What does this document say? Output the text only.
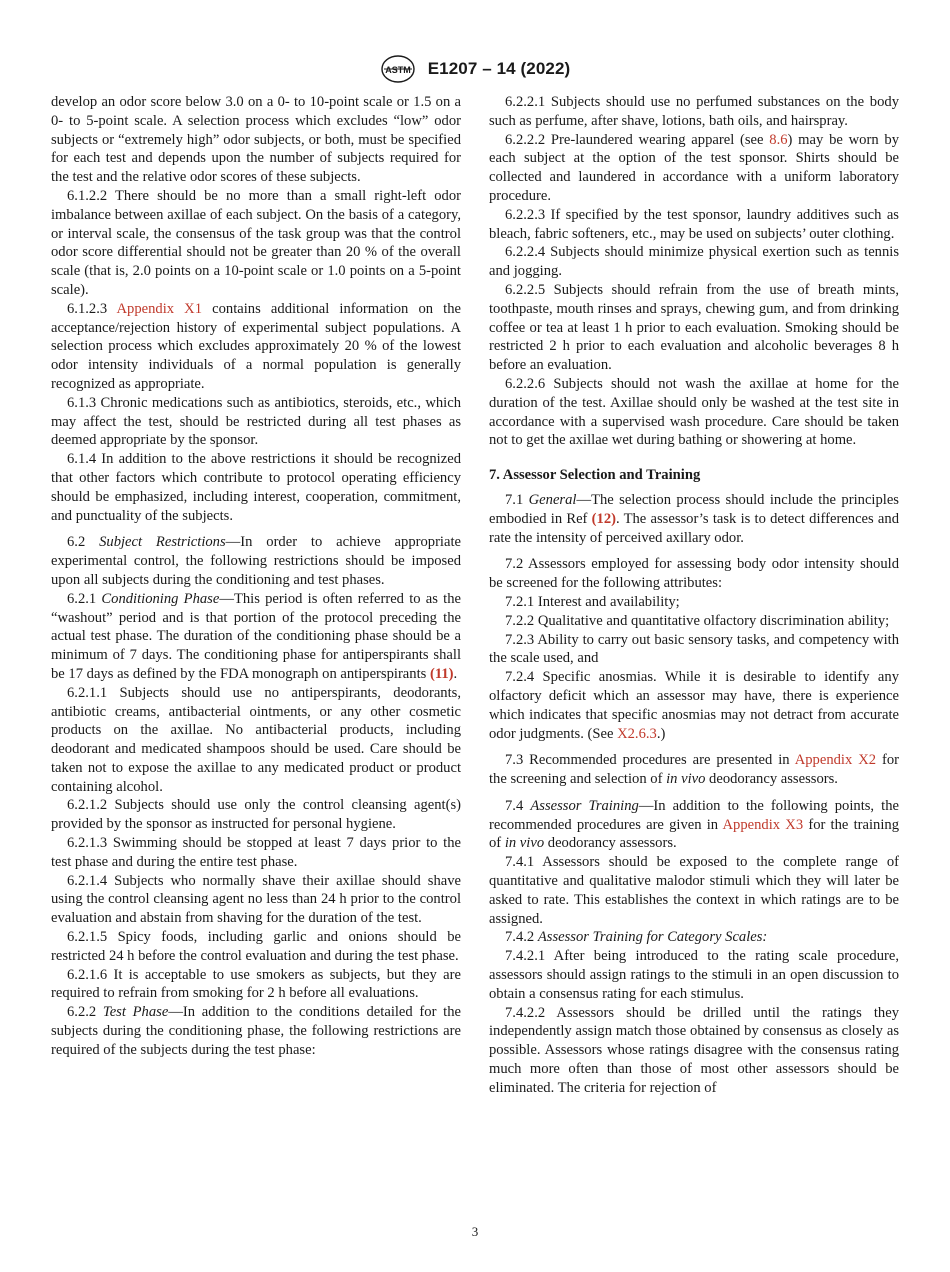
ASTM E1207 – 14 (2022)

develop an odor score below 3.0 on a 0- to 10-point scale or 1.5 on a 0- to 5-point scale. A selection process which excludes “low” odor subjects or “extremely high” odor subjects, or both, must be specified for each test and depends upon the number of subjects required for the test and the relative odor scores of these subjects.

6.1.2.2 There should be no more than a small right-left odor imbalance between axillae of each subject. On the basis of a category, or interval scale, the consensus of the task group was that the control odor score differential should not be greater than 20 % of the overall scale (that is, 2.0 points on a 10-point scale or 1.0 points on a 5-point scale).

6.1.2.3 Appendix X1 contains additional information on the acceptance/rejection history of experimental subject populations. A selection process which excludes approximately 20 % of the lowest odor intensity individuals of a normal population is generally recognized as appropriate.

6.1.3 Chronic medications such as antibiotics, steroids, etc., which may affect the test, should be restricted during all test phases as deemed appropriate by the sponsor.

6.1.4 In addition to the above restrictions it should be recognized that other factors which contribute to protocol operating efficiency should be emphasized, including interest, cooperation, commitment, and punctuality of the subjects.

6.2 Subject Restrictions—In order to achieve appropriate experimental control, the following restrictions should be imposed upon all subjects during the conditioning and test phases.

6.2.1 Conditioning Phase—This period is often referred to as the “washout” period and is that portion of the protocol preceding the actual test phase. The duration of the conditioning phase should be a minimum of 7 days. The conditioning phase for antiperspirants shall be 17 days as defined by the FDA monograph on antiperspirants (11).

6.2.1.1 Subjects should use no antiperspirants, deodorants, antibiotic creams, antibacterial ointments, or any other cosmetic products on the axillae. No antibacterial products, including deodorant and medicated shampoos should be used. Care should be taken not to expose the axillae to any medicated product or product containing alcohol.

6.2.1.2 Subjects should use only the control cleansing agent(s) provided by the sponsor as instructed for personal hygiene.

6.2.1.3 Swimming should be stopped at least 7 days prior to the test phase and during the entire test phase.

6.2.1.4 Subjects who normally shave their axillae should shave using the control cleansing agent no less than 24 h prior to the control evaluation and abstain from shaving for the duration of the test.

6.2.1.5 Spicy foods, including garlic and onions should be restricted 24 h before the control evaluation and during the test phase.

6.2.1.6 It is acceptable to use smokers as subjects, but they are required to refrain from smoking for 2 h before all evaluations.

6.2.2 Test Phase—In addition to the conditions detailed for the subjects during the conditioning phase, the following restrictions are required of the subjects during the test phase:

6.2.2.1 Subjects should use no perfumed substances on the body such as perfume, after shave, lotions, bath oils, and hairspray.

6.2.2.2 Pre-laundered wearing apparel (see 8.6) may be worn by each subject at the option of the test sponsor. Shirts should be collected and laundered in accordance with a uniform laboratory procedure.

6.2.2.3 If specified by the test sponsor, laundry additives such as bleach, fabric softeners, etc., may be used on subjects’ outer clothing.

6.2.2.4 Subjects should minimize physical exertion such as tennis and jogging.

6.2.2.5 Subjects should refrain from the use of breath mints, toothpaste, mouth rinses and sprays, chewing gum, and from drinking coffee or tea at least 1 h prior to each evaluation. Smoking should be restricted 2 h prior to each evaluation and alcoholic beverages 8 h before an evaluation.

6.2.2.6 Subjects should not wash the axillae at home for the duration of the test. Axillae should only be washed at the test site in accordance with a supervised wash procedure. Care should be taken not to get the axillae wet during bathing or showering at home.

7. Assessor Selection and Training

7.1 General—The selection process should include the principles embodied in Ref (12). The assessor’s task is to detect differences and rate the intensity of perceived axillary odor.

7.2 Assessors employed for assessing body odor intensity should be screened for the following attributes:

7.2.1 Interest and availability;

7.2.2 Qualitative and quantitative olfactory discrimination ability;

7.2.3 Ability to carry out basic sensory tasks, and competency with the scale used, and

7.2.4 Specific anosmias. While it is desirable to identify any olfactory deficit which an assessor may have, there is experience which indicates that specific anosmias may not detract from accurate odor judgments. (See X2.6.3.)

7.3 Recommended procedures are presented in Appendix X2 for the screening and selection of in vivo deodorancy assessors.

7.4 Assessor Training—In addition to the following points, the recommended procedures are given in Appendix X3 for the training of in vivo deodorancy assessors.

7.4.1 Assessors should be exposed to the complete range of quantitative and qualitative malodor stimuli which they will later be asked to rate. This establishes the context in which ratings are to be assigned.

7.4.2 Assessor Training for Category Scales:

7.4.2.1 After being introduced to the rating scale procedure, assessors should assign ratings to the stimuli in an open discussion to obtain a consensus rating for each stimulus.

7.4.2.2 Assessors should be drilled until the ratings they independently assign match those obtained by consensus as closely as possible. Assessors whose ratings disagree with the consensus rating much more often than those of most other assessors should be eliminated. The criteria for rejection of

3
